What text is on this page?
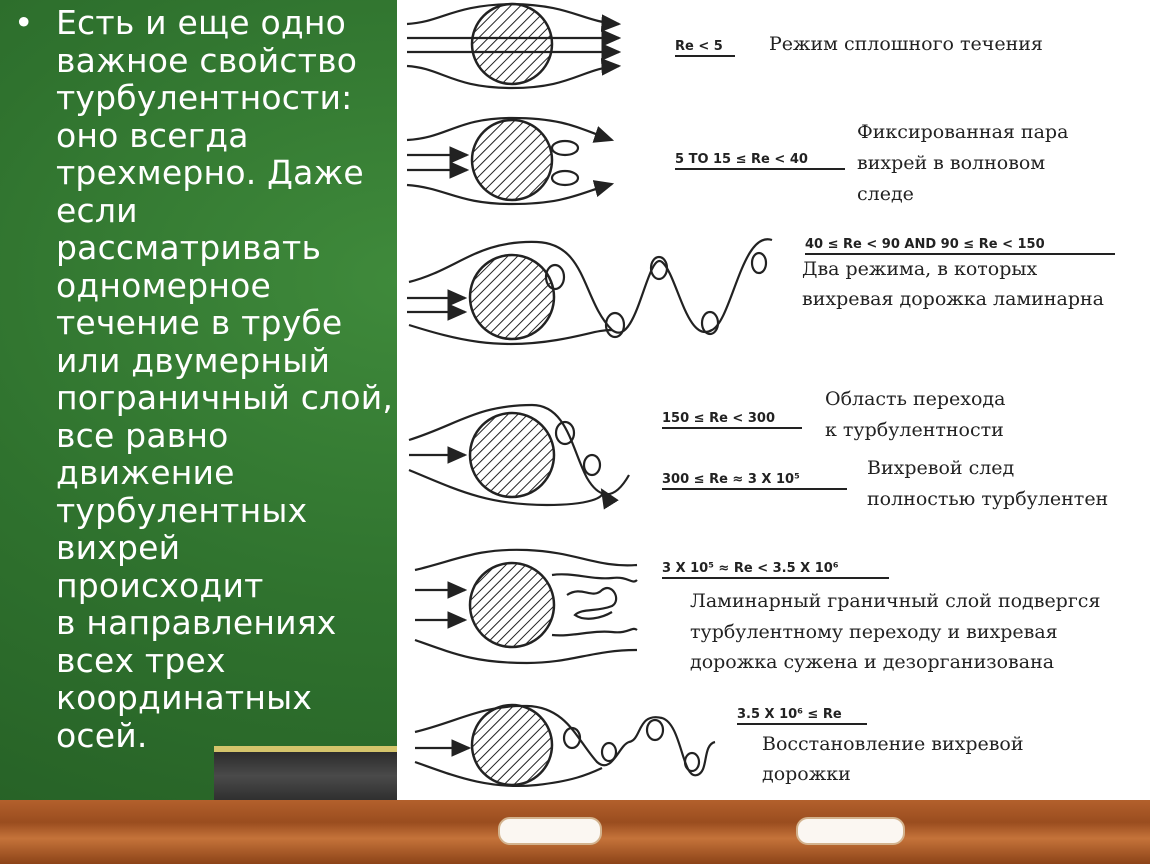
• Есть и еще одно
важное свойство
турбулентности:
оно всегда
трехмерно. Даже
если
рассматривать
одномерное
течение в трубе
или двумерный
пограничный слой,
все равно
движение
турбулентных
вихрей происходит
в направлениях
всех трех
координатных
осей.
Re < 5
5 TO 15 ≤ Re < 40
40 ≤ Re < 90 AND 90 ≤ Re < 150
150 ≤ Re < 300
300 ≤ Re ≈ 3 X 10⁵
3 X 10⁵ ≈ Re < 3.5 X 10⁶
3.5 X 10⁶ ≤ Re
Режим сплошного течения
Фиксированная пара
вихрей в волновом
следе
Два режима, в которых
вихревая дорожка ламинарна
Область перехода
к турбулентности
Вихревой след
полностью турбулентен
Ламинарный граничный слой подвергся
турбулентному переходу и вихревая
дорожка сужена и дезорганизована
Восстановление вихревой
дорожки
